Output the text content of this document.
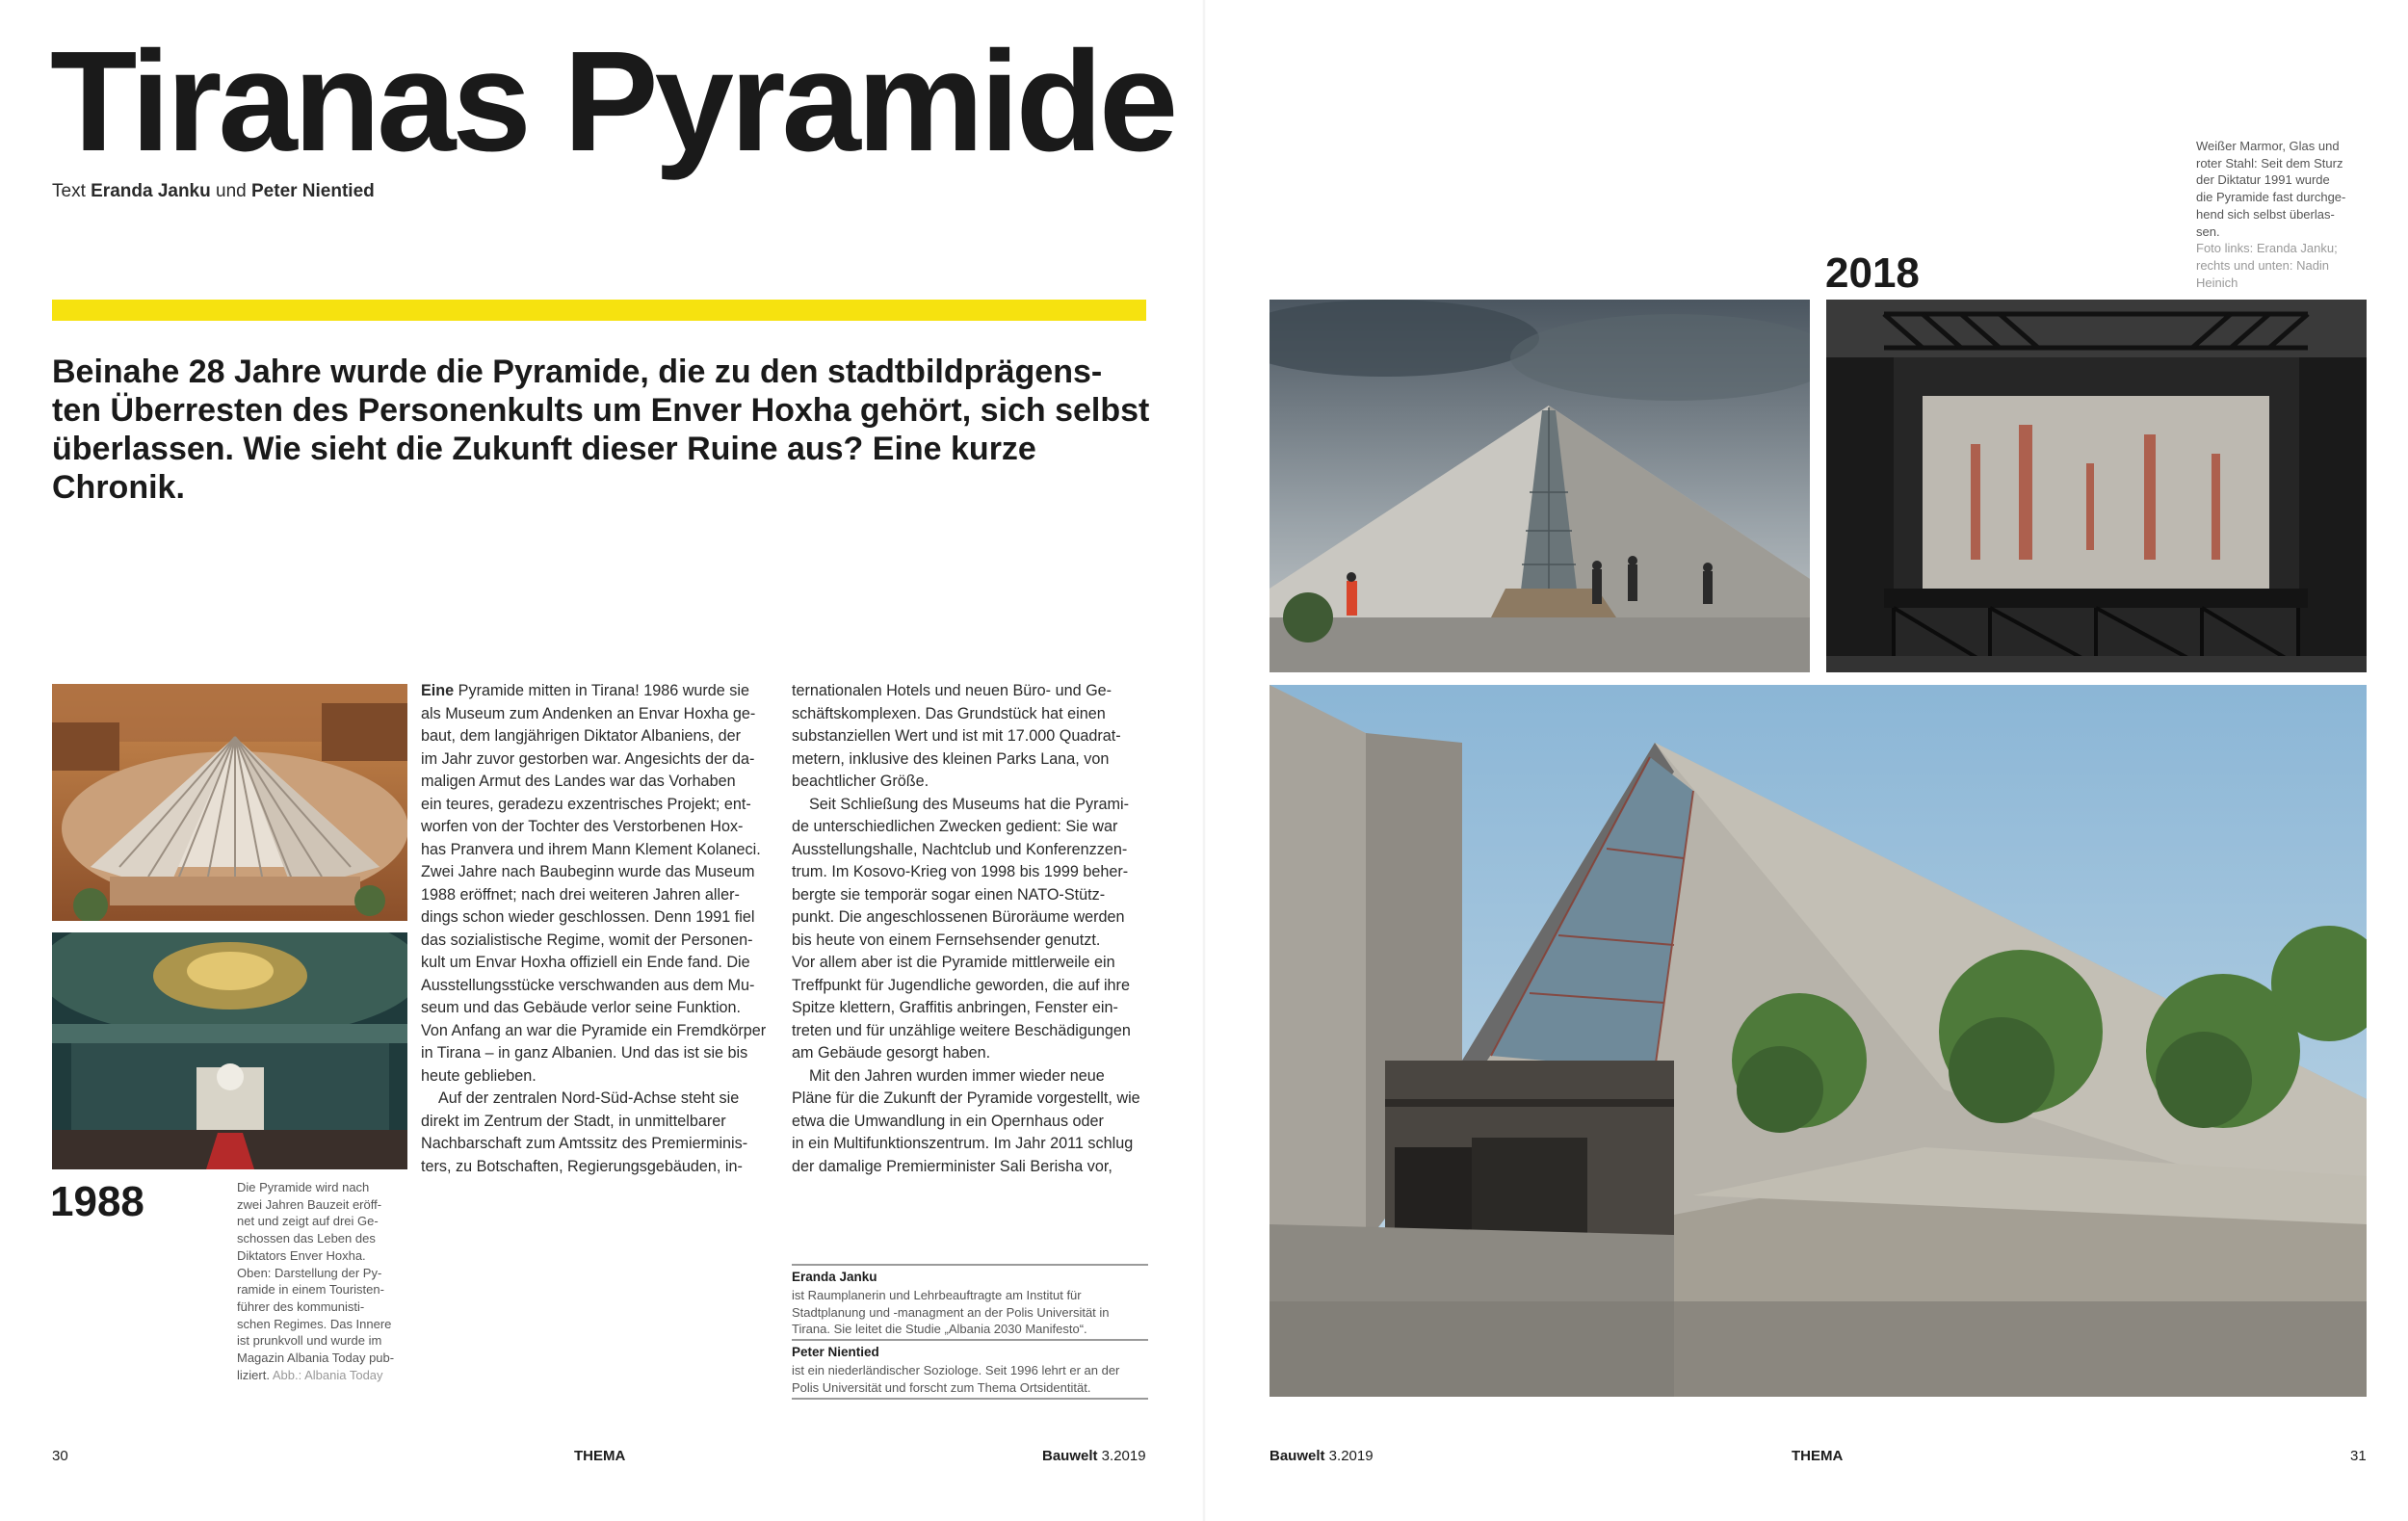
Tiranas Pyramide
Text Eranda Janku und Peter Nientied
Beinahe 28 Jahre wurde die Pyramide, die zu den stadtbildprägens- ten Überresten des Personenkults um Enver Hoxha gehört, sich selbst überlassen. Wie sieht die Zukunft dieser Ruine aus? Eine kurze Chronik.
1988	Die Pyramide wird nach
zwei Jahren Bauzeit eröff-
net und zeigt auf drei Ge-
schossen das Leben des
Diktators Enver Hoxha.
Oben: Darstellung der Py-
ramide in einem Touristen-
führer des kommunisti-
schen Regimes. Das Innere
ist prunkvoll und wurde im
Magazin Albania Today pub-
liziert. Abb.: Albania Today
Eine Pyramide mitten in Tirana! 1986 wurde sie
als Museum zum Andenken an Envar Hoxha ge-
baut, dem langjährigen Diktator Albaniens, der
im Jahr zuvor gestorben war. Angesichts der da-
maligen Armut des Landes war das Vorhaben
ein teures, geradezu exzentrisches Projekt; ent-
worfen von der Tochter des Verstorbenen Hox-
has Pranvera und ihrem Mann Klement Kolaneci.
Zwei Jahre nach Baubeginn wurde das Museum
1988 eröffnet; nach drei weiteren Jahren aller-
dings schon wieder geschlossen. Denn 1991 fiel
das sozialistische Regime, womit der Personen-
kult um Envar Hoxha offiziell ein Ende fand. Die
Ausstellungsstücke verschwanden aus dem Mu-
seum und das Gebäude verlor seine Funktion.
Von Anfang an war die Pyramide ein Fremdkörper
in Tirana – in ganz Albanien. Und das ist sie bis
heute geblieben.
Auf der zentralen Nord-Süd-Achse steht sie
direkt im Zentrum der Stadt, in unmittelbarer
Nachbarschaft zum Amtssitz des Premierminis-
ters, zu Botschaften, Regierungsgebäuden, in-
ternationalen Hotels und neuen Büro- und Ge-
schäftskomplexen. Das Grundstück hat einen
substanziellen Wert und ist mit 17.000 Quadrat-
metern, inklusive des kleinen Parks Lana, von
beachtlicher Größe.
Seit Schließung des Museums hat die Pyrami-
de unterschiedlichen Zwecken gedient: Sie war
Ausstellungshalle, Nachtclub und Konferenzzen-
trum. Im Kosovo-Krieg von 1998 bis 1999 beher-
bergte sie temporär sogar einen NATO-Stütz-
punkt. Die angeschlossenen Büroräume werden
bis heute von einem Fernsehsender genutzt.
Vor allem aber ist die Pyramide mittlerweile ein
Treffpunkt für Jugendliche geworden, die auf ihre
Spitze klettern, Graffitis anbringen, Fenster ein-
treten und für unzählige weitere Beschädigungen
am Gebäude gesorgt haben.
Mit den Jahren wurden immer wieder neue
Pläne für die Zukunft der Pyramide vorgestellt, wie
etwa die Umwandlung in ein Opernhaus oder
in ein Multifunktionszentrum. Im Jahr 2011 schlug
der damalige Premierminister Sali Berisha vor,
Eranda Janku
ist Raumplanerin und Lehrbeauftragte am Institut für
Stadtplanung und -managment an der Polis Universität in
Tirana. Sie leitet die Studie „Albania 2030 Manifesto“.
Peter Nientied
ist ein niederländischer Soziologe. Seit 1996 lehrt er an der
Polis Universität und forscht zum Thema Ortsidentität.
30	THEMA	Bauwelt 3.2019
2018
Weißer Marmor, Glas und
roter Stahl: Seit dem Sturz
der Diktatur 1991 wurde
die Pyramide fast durchge-
hend sich selbst überlas-
sen.
Foto links: Eranda Janku;
rechts und unten: Nadin
Heinich
Bauwelt 3.2019	THEMA	31
